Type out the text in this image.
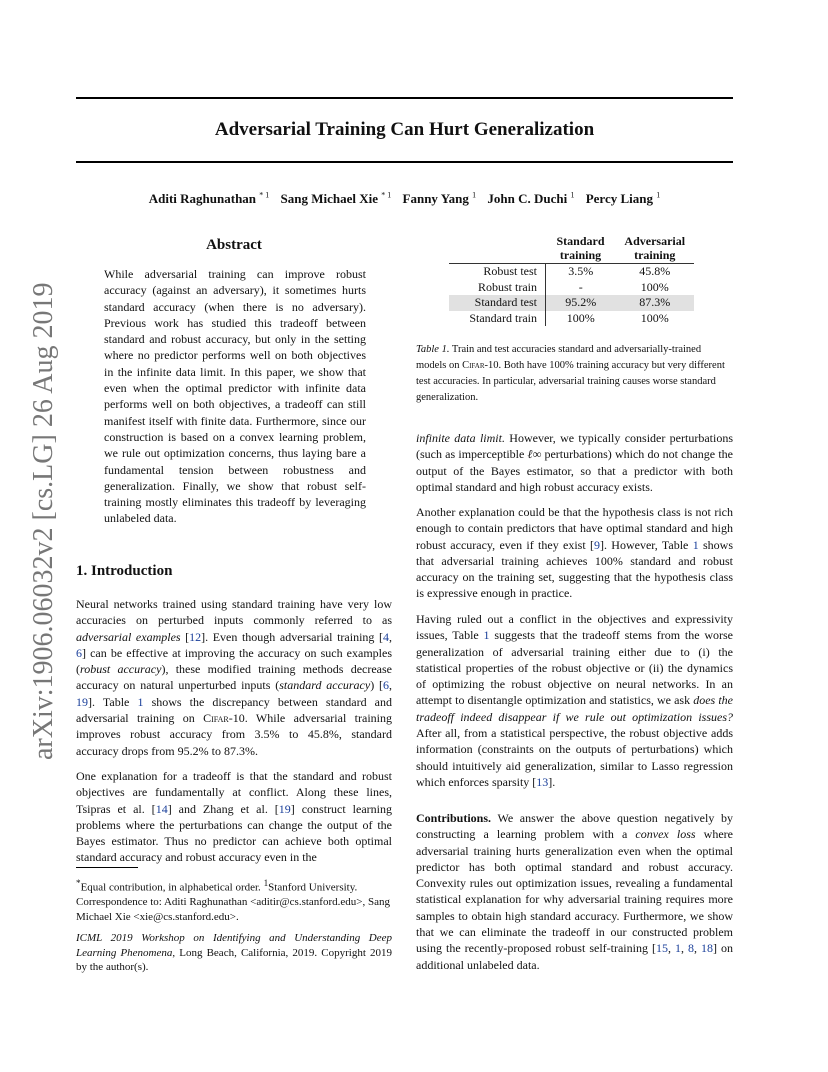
Adversarial Training Can Hurt Generalization
Aditi Raghunathan $^{* 1}$ Sang Michael Xie $^{* 1}$ Fanny Yang $^1$ John C. Duchi $^1$ Percy Liang $^1$
arXiv:1906.06032v2 [cs.LG] 26 Aug 2019
Abstract

While adversarial training can improve robust accuracy (against an adversary), it sometimes hurts standard accuracy (when there is no adversary). Previous work has studied this tradeoff between standard and robust accuracy, but only in the setting where no predictor performs well on both objectives in the infinite data limit. In this paper, we show that even when the optimal predictor with infinite data performs well on both objectives, a tradeoff can still manifest itself with finite data. Furthermore, since our construction is based on a convex learning problem, we rule out optimization concerns, thus laying bare a fundamental tension between robustness and generalization. Finally, we show that robust self-training mostly eliminates this tradeoff by leveraging unlabeled data.

1. Introduction

Neural networks trained using standard training have very low accuracies on perturbed inputs commonly referred to as adversarial examples [12]. Even though adversarial training [4, 6] can be effective at improving the accuracy on such examples (robust accuracy), these modified training methods decrease accuracy on natural unperturbed inputs (standard accuracy) [6, 19]. Table 1 shows the discrepancy between standard and adversarial training on Cifar-10. While adversarial training improves robust accuracy from 3.5% to 45.8%, standard accuracy drops from 95.2% to 87.3%.

One explanation for a tradeoff is that the standard and robust objectives are fundamentally at conflict. Along these lines, Tsipras et al. [14] and Zhang et al. [19] construct learning problems where the perturbations can change the output of the Bayes estimator. Thus no predictor can achieve both optimal standard accuracy and robust accuracy even in the

*Equal contribution, in alphabetical order. $^1$Stanford University. Correspondence to: Aditi Raghunathan <aditir@cs.stanford.edu>, Sang Michael Xie <xie@cs.stanford.edu>.

ICML 2019 Workshop on Identifying and Understanding Deep Learning Phenomena, Long Beach, California, 2019. Copyright 2019 by the author(s).

	Standard training	Adversarial training
Robust test	3.5%	45.8%
Robust train	-	100%
Standard test	95.2%	87.3%
Standard train	100%	100%

Table 1. Train and test accuracies standard and adversarially-trained models on Cifar-10. Both have 100% training accuracy but very different test accuracies. In particular, adversarial training causes worse standard generalization.

infinite data limit. However, we typically consider perturbations (such as imperceptible ℓ∞ perturbations) which do not change the output of the Bayes estimator, so that a predictor with both optimal standard and high robust accuracy exists.

Another explanation could be that the hypothesis class is not rich enough to contain predictors that have optimal standard and high robust accuracy, even if they exist [9]. However, Table 1 shows that adversarial training achieves 100% standard and robust accuracy on the training set, suggesting that the hypothesis class is expressive enough in practice.

Having ruled out a conflict in the objectives and expressivity issues, Table 1 suggests that the tradeoff stems from the worse generalization of adversarial training either due to (i) the statistical properties of the robust objective or (ii) the dynamics of optimizing the robust objective on neural networks. In an attempt to disentangle optimization and statistics, we ask does the tradeoff indeed disappear if we rule out optimization issues? After all, from a statistical perspective, the robust objective adds information (constraints on the outputs of perturbations) which should intuitively aid generalization, similar to Lasso regression which enforces sparsity [13].

Contributions. We answer the above question negatively by constructing a learning problem with a convex loss where adversarial training hurts generalization even when the optimal predictor has both optimal standard and robust accuracy. Convexity rules out optimization issues, revealing a fundamental statistical explanation for why adversarial training requires more samples to obtain high standard accuracy. Furthermore, we show that we can eliminate the tradeoff in our constructed problem using the recently-proposed robust self-training [15, 1, 8, 18] on additional unlabeled data.
